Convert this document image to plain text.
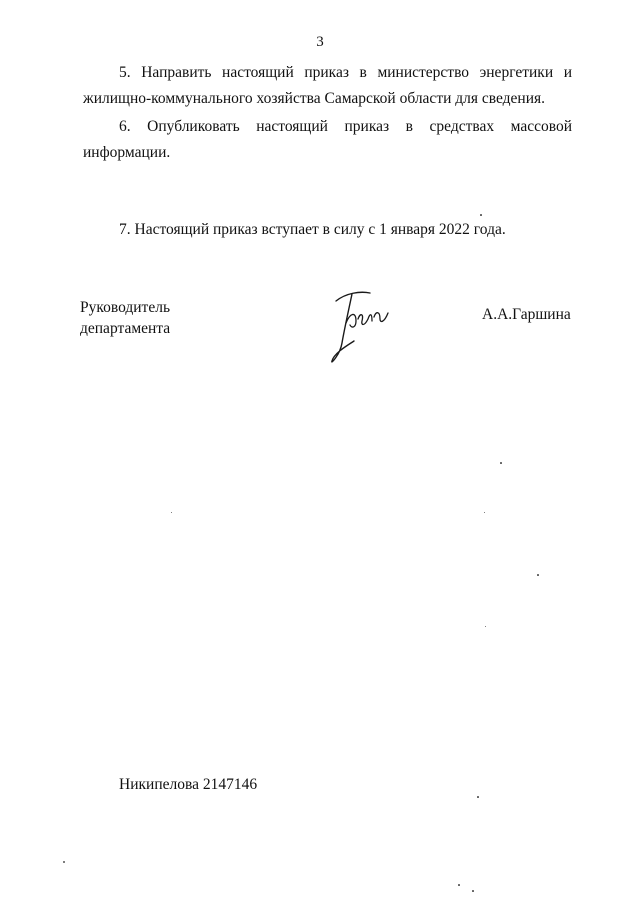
3
5. Направить настоящий приказ в министерство энергетики и
жилищно-коммунального хозяйства Самарской области для сведения.
6. Опубликовать настоящий приказ в средствах массовой
информации.
7. Настоящий приказ вступает в силу с 1 января 2022 года.
Руководитель
департамента
А.А.Гаршина
Никипелова 2147146
